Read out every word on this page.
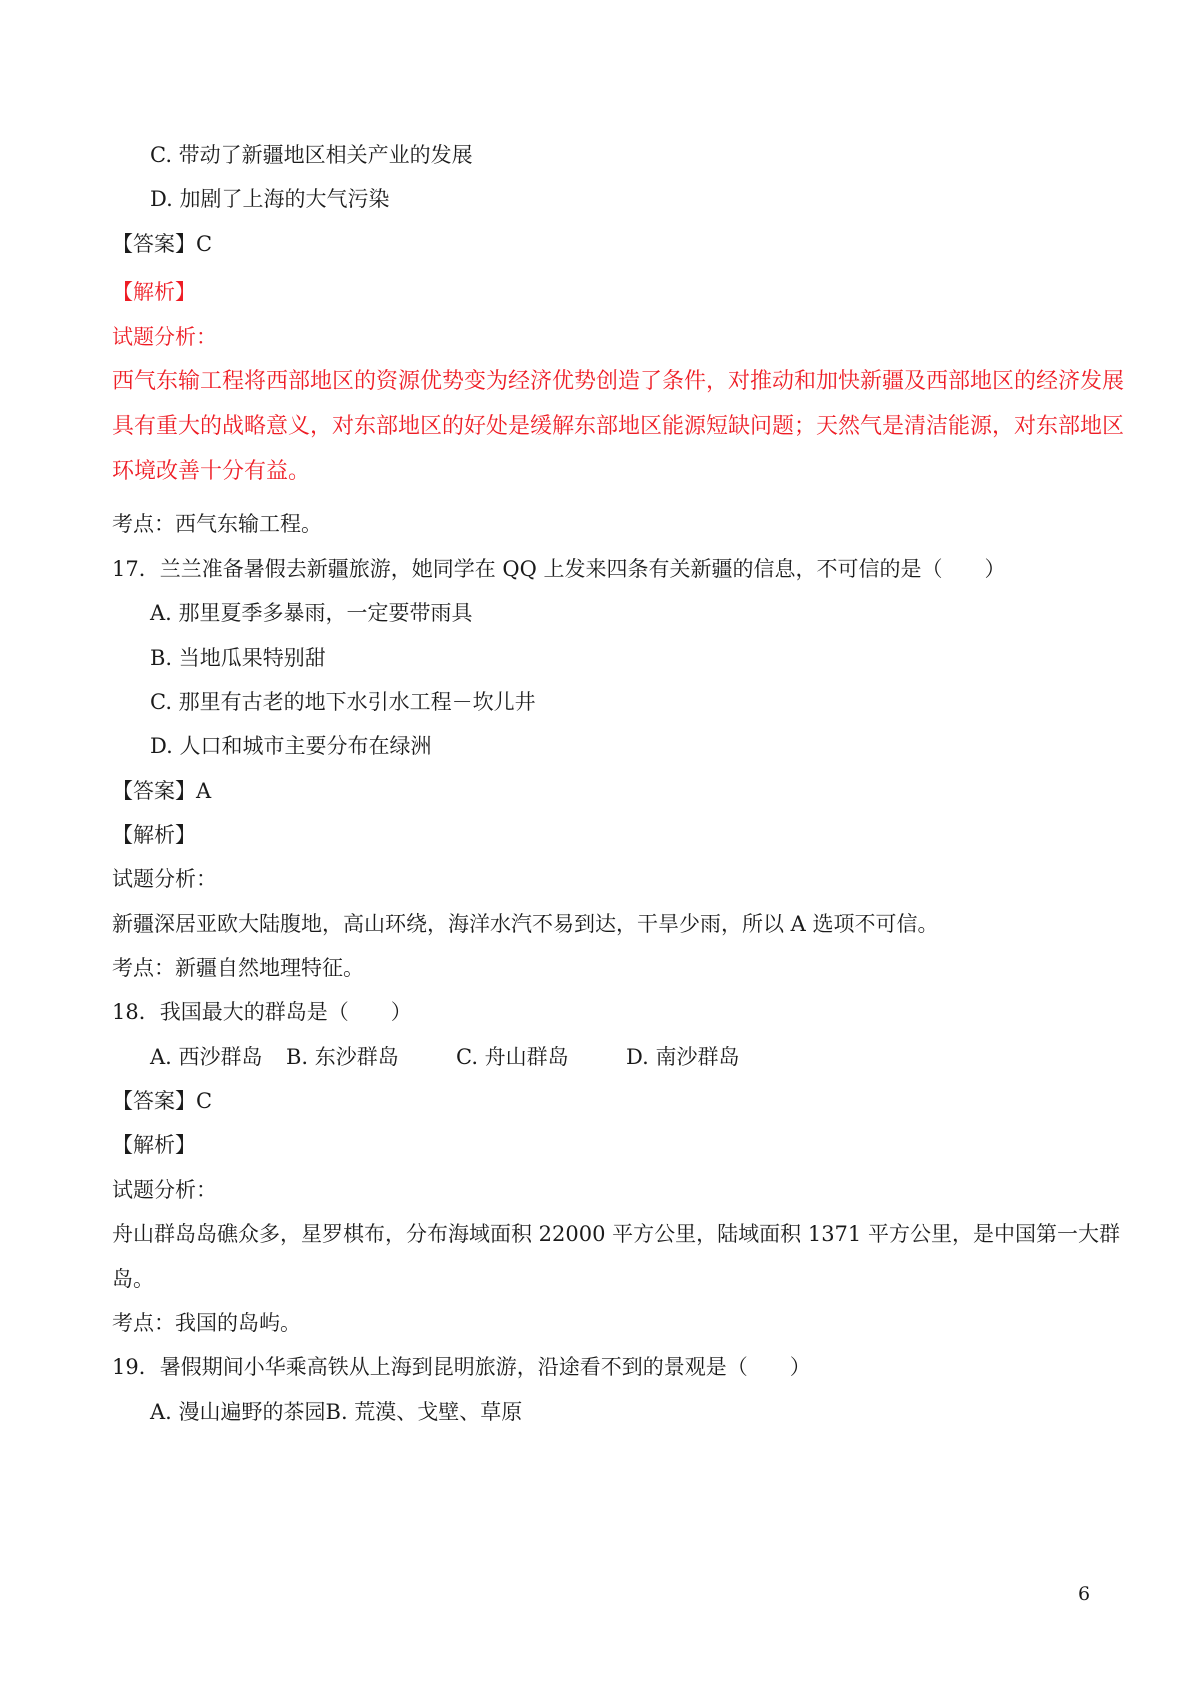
C. 带动了新疆地区相关产业的发展
D. 加剧了上海的大气污染
【答案】C
【解析】
试题分析：
西气东输工程将西部地区的资源优势变为经济优势创造了条件，对推动和加快新疆及西部地区的经济发展
具有重大的战略意义，对东部地区的好处是缓解东部地区能源短缺问题；天然气是清洁能源，对东部地区
环境改善十分有益。
考点：西气东输工程。
17．兰兰准备暑假去新疆旅游，她同学在 QQ 上发来四条有关新疆的信息，不可信的是（　　）
A. 那里夏季多暴雨，一定要带雨具
B. 当地瓜果特别甜
C. 那里有古老的地下水引水工程－坎儿井
D. 人口和城市主要分布在绿洲
【答案】A
【解析】
试题分析：
新疆深居亚欧大陆腹地，高山环绕，海洋水汽不易到达，干旱少雨，所以 A 选项不可信。
考点：新疆自然地理特征。
18．我国最大的群岛是（　　）
A. 西沙群岛 B. 东沙群岛	C. 舟山群岛	D. 南沙群岛
【答案】C
【解析】
试题分析：
舟山群岛岛礁众多，星罗棋布，分布海域面积 22000 平方公里，陆域面积 1371 平方公里，是中国第一大群
岛。
考点：我国的岛屿。
19．暑假期间小华乘高铁从上海到昆明旅游，沿途看不到的景观是（　　）
A. 漫山遍野的茶园B. 荒漠、戈壁、草原
6
